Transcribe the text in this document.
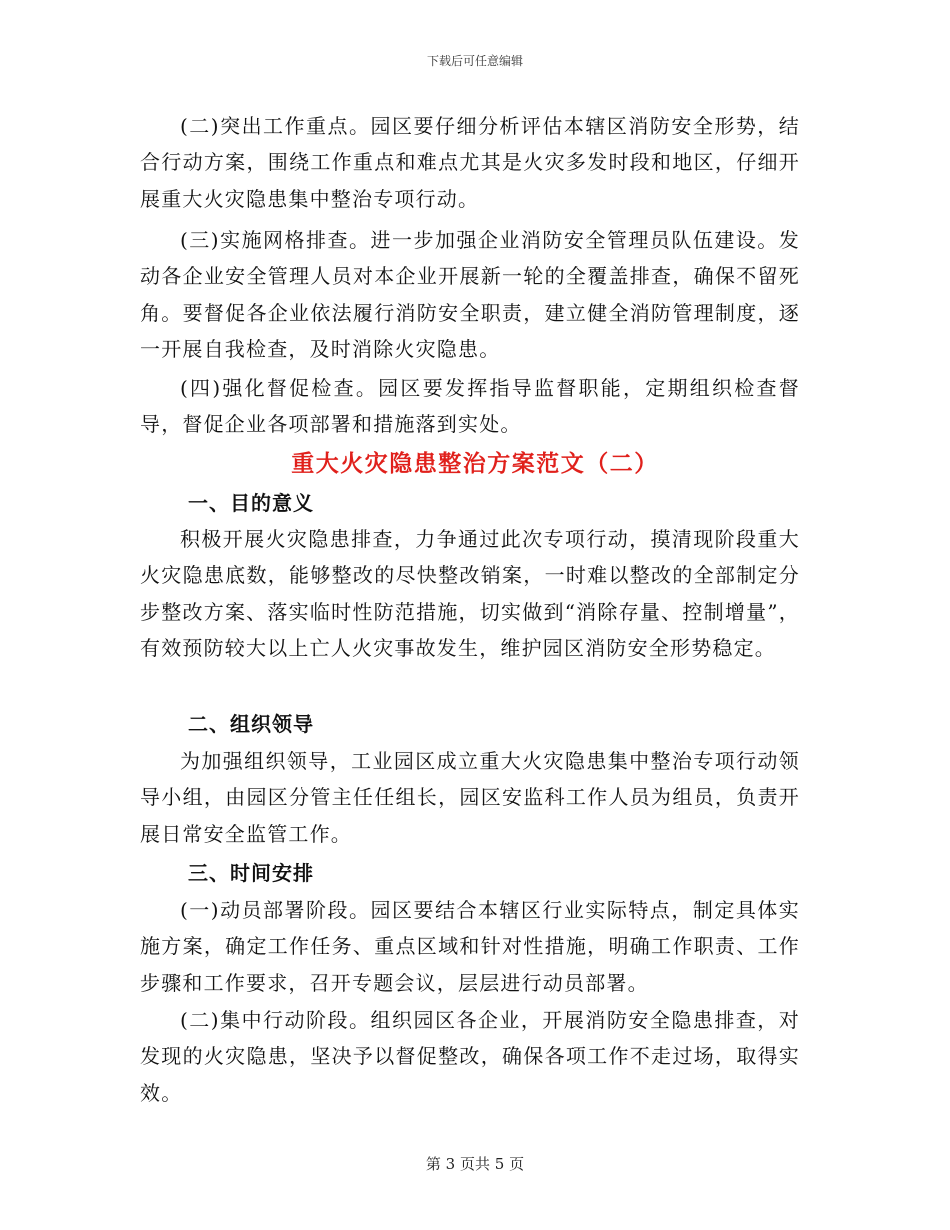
下载后可任意编辑

(二)突出工作重点。园区要仔细分析评估本辖区消防安全形势，结合行动方案，围绕工作重点和难点尤其是火灾多发时段和地区，仔细开展重大火灾隐患集中整治专项行动。

(三)实施网格排查。进一步加强企业消防安全管理员队伍建设。发动各企业安全管理人员对本企业开展新一轮的全覆盖排查，确保不留死角。要督促各企业依法履行消防安全职责，建立健全消防管理制度，逐一开展自我检查，及时消除火灾隐患。

(四)强化督促检查。园区要发挥指导监督职能，定期组织检查督导，督促企业各项部署和措施落到实处。

重大火灾隐患整治方案范文（二）
一、目的意义

积极开展火灾隐患排查，力争通过此次专项行动，摸清现阶段重大火灾隐患底数，能够整改的尽快整改销案，一时难以整改的全部制定分步整改方案、落实临时性防范措施，切实做到“消除存量、控制增量”，有效预防较大以上亡人火灾事故发生，维护园区消防安全形势稳定。

二、组织领导

为加强组织领导，工业园区成立重大火灾隐患集中整治专项行动领导小组，由园区分管主任任组长，园区安监科工作人员为组员，负责开展日常安全监管工作。

三、时间安排

(一)动员部署阶段。园区要结合本辖区行业实际特点，制定具体实施方案，确定工作任务、重点区域和针对性措施，明确工作职责、工作步骤和工作要求，召开专题会议，层层进行动员部署。

(二)集中行动阶段。组织园区各企业，开展消防安全隐患排查，对发现的火灾隐患，坚决予以督促整改，确保各项工作不走过场，取得实效。

第 3 页共 5 页
